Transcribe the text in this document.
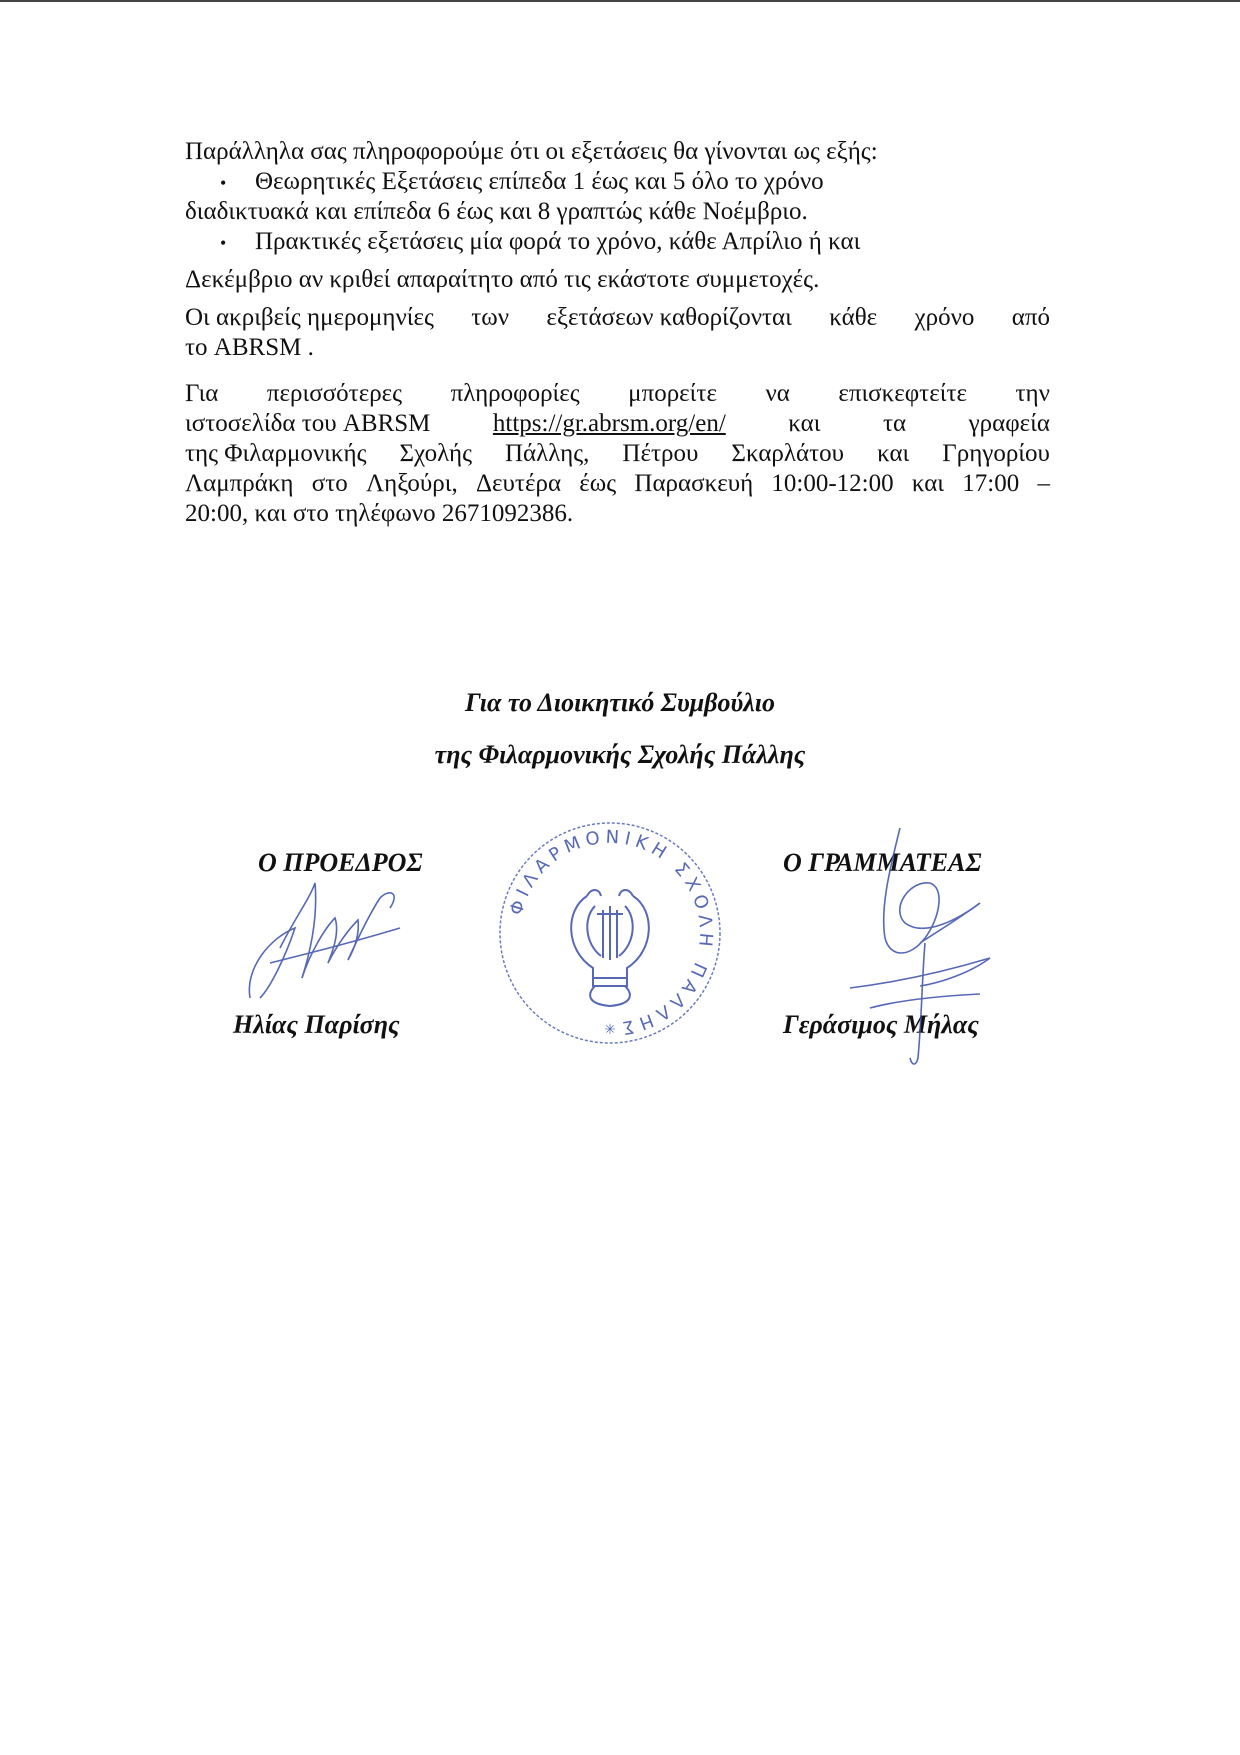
Παράλληλα σας πληροφορούμε ότι οι εξετάσεις θα γίνονται ως εξής:
• Θεωρητικές Εξετάσεις επίπεδα 1 έως και 5 όλο το χρόνο
διαδικτυακά και επίπεδα 6 έως και 8 γραπτώς κάθε Νοέμβριο.
• Πρακτικές εξετάσεις μία φορά το χρόνο, κάθε Απρίλιο ή και
Δεκέμβριο αν κριθεί απαραίτητο από τις εκάστοτε συμμετοχές.
Οι ακριβείς ημερομηνίες των εξετάσεων καθορίζονται κάθε χρόνο από
το ABRSM .
Για περισσότερες πληροφορίες μπορείτε να επισκεφτείτε την
ιστοσελίδα του ABRSM https://gr.abrsm.org/en/ και τα γραφεία
της Φιλαρμονικής Σχολής Πάλλης, Πέτρου Σκαρλάτου και Γρηγορίου
Λαμπράκη στο Ληξούρι, Δευτέρα έως Παρασκευή 10:00-12:00 και 17:00 –
20:00, και στο τηλέφωνο 2671092386.
Για το Διοικητικό Συμβούλιο
της Φιλαρμονικής Σχολής Πάλλης
Ο ΠΡΟΕΔΡΟΣ	Ο ΓΡΑΜΜΑΤΕΑΣ
Ηλίας Παρίσης	Γεράσιμος Μήλας
ΦΙΛΑΡΜΟΝΙΚΗ ΣΧΟΛΗ ΠΑΛΛΗΣ
✳
